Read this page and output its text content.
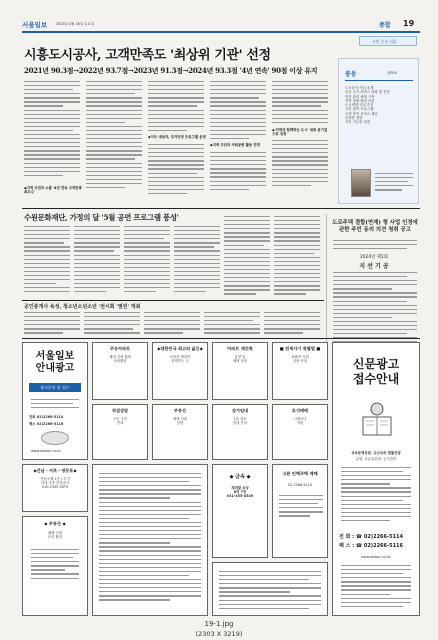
서울일보	2023년 4월 16일 토요일	종합 19
시민 중심 서울
시흥도시공사, 고객만족도 '최상위 기관' 선정
2021년 90.3점→2022년 93.7점→2023년 91.3점→2024년 93.3점 '4년 연속' 90점 이상 유지
◆지역 주민과 소통 '4년 연속 고객만족 최우수'
◆이주 대상자, 주거안정 프로그램 운영
◆지역 주민과 사회공헌 활동 전개
◆'지역과 함께하는 도시' 대표 공기업으로 성장
봉동	윤000
도시공사 사업 소개
공공 주거 서비스 강화 및 운영
안전 관리 체계 구축
지역 상생 협력 사업
도시재생 사업 추진
주민 참여 프로그램
고객 만족 서비스 제공
투명한 경영
지속 가능한 성장
수원문화재단, 가정의 달 '5월 공연 프로그램 풍성'
도로주택 결합(연계) 형 사업 인정에 관한 주민 동의 의견 청취 공고
2024년 제1회
지 선 기 공
공인중개사 육성, 청소년소년소년 '전시회 '열린' 개최
서울일보
안내광고
광고문의 및 접수
전화 02)2266-5114
팩스 02)2266-5116
www.adwori.co.kr
◆간남・서초・영등포◆
전원주택 1층 / 부지
사내 각종 단열공사
010-2345-1679
◆ 부동산 ◆
매매 임대
문의 환영
주공아파트
매매 전세 월세
상담환영
◆대한민국 최고의 삶은◆
보람과 행복이
함께하는 곳
아파트 재건축
분양 및
매매 상담
■ 전세사기 특별법 ■
피해자 지원
상담 안내
직업상담
구인 구직
안내
부동산
매매 임대
상담
상가임대
1층 점포
임대 문의
토지매매
시세보다
저렴
◆ 금속 ◆
재개발 보상
8억 7천
031-355-4349
고른 인맥주택 매매
02-2266-5114
신문광고
접수안내
상속문제상담, 유산상속 법률상담
분할, 공유물분할, 등기관련
전 화 : ☎ 02)2266-5114
팩 스 : ☎ 02)2266-5116
www.adwori.co.kr
19-1.jpg
(2303 X 3219)
